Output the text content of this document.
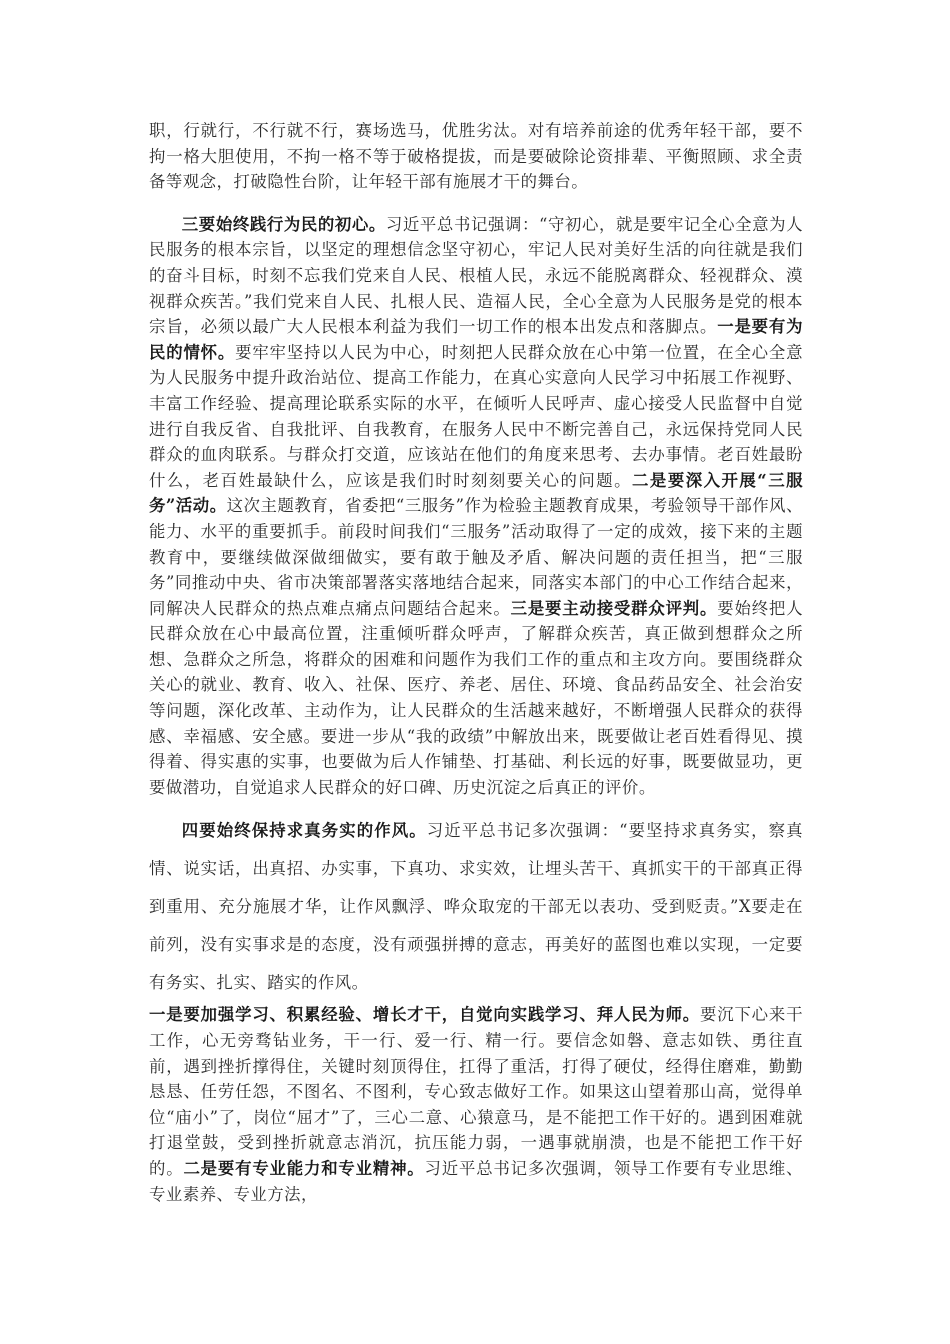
职，行就行，不行就不行，赛场选马，优胜劣汰。对有培养前途的优秀年轻干部，要不拘一格大胆使用，不拘一格不等于破格提拔，而是要破除论资排辈、平衡照顾、求全责备等观念，打破隐性台阶，让年轻干部有施展才干的舞台。

三要始终践行为民的初心。习近平总书记强调：“守初心，就是要牢记全心全意为人民服务的根本宗旨，以坚定的理想信念坚守初心，牢记人民对美好生活的向往就是我们的奋斗目标，时刻不忘我们党来自人民、根植人民，永远不能脱离群众、轻视群众、漠视群众疾苦。”我们党来自人民、扎根人民、造福人民，全心全意为人民服务是党的根本宗旨，必须以最广大人民根本利益为我们一切工作的根本出发点和落脚点。一是要有为民的情怀。要牢牢坚持以人民为中心，时刻把人民群众放在心中第一位置，在全心全意为人民服务中提升政治站位、提高工作能力，在真心实意向人民学习中拓展工作视野、丰富工作经验、提高理论联系实际的水平，在倾听人民呼声、虚心接受人民监督中自觉进行自我反省、自我批评、自我教育，在服务人民中不断完善自己，永远保持党同人民群众的血肉联系。与群众打交道，应该站在他们的角度来思考、去办事情。老百姓最盼什么，老百姓最缺什么，应该是我们时时刻刻要关心的问题。二是要深入开展“三服务”活动。这次主题教育，省委把“三服务”作为检验主题教育成果，考验领导干部作风、能力、水平的重要抓手。前段时间我们“三服务”活动取得了一定的成效，接下来的主题教育中，要继续做深做细做实，要有敢于触及矛盾、解决问题的责任担当，把“三服务”同推动中央、省市决策部署落实落地结合起来，同落实本部门的中心工作结合起来，同解决人民群众的热点难点痛点问题结合起来。三是要主动接受群众评判。要始终把人民群众放在心中最高位置，注重倾听群众呼声，了解群众疾苦，真正做到想群众之所想、急群众之所急，将群众的困难和问题作为我们工作的重点和主攻方向。要围绕群众关心的就业、教育、收入、社保、医疗、养老、居住、环境、食品药品安全、社会治安等问题，深化改革、主动作为，让人民群众的生活越来越好，不断增强人民群众的获得感、幸福感、安全感。要进一步从“我的政绩”中解放出来，既要做让老百姓看得见、摸得着、得实惠的实事，也要做为后人作铺垫、打基础、利长远的好事，既要做显功，更要做潜功，自觉追求人民群众的好口碑、历史沉淀之后真正的评价。

四要始终保持求真务实的作风。习近平总书记多次强调：“要坚持求真务实，察真情、说实话，出真招、办实事，下真功、求实效，让埋头苦干、真抓实干的干部真正得到重用、充分施展才华，让作风飘浮、哗众取宠的干部无以表功、受到贬责。”X要走在前列，没有实事求是的态度，没有顽强拼搏的意志，再美好的蓝图也难以实现，一定要有务实、扎实、踏实的作风。

一是要加强学习、积累经验、增长才干，自觉向实践学习、拜人民为师。要沉下心来干工作，心无旁骛钻业务，干一行、爱一行、精一行。要信念如磐、意志如铁、勇往直前，遇到挫折撑得住，关键时刻顶得住，扛得了重活，打得了硬仗，经得住磨难，勤勤恳恳、任劳任怨，不图名、不图利，专心致志做好工作。如果这山望着那山高，觉得单位“庙小”了，岗位“屈才”了，三心二意、心猿意马，是不能把工作干好的。遇到困难就打退堂鼓，受到挫折就意志消沉，抗压能力弱，一遇事就崩溃，也是不能把工作干好的。二是要有专业能力和专业精神。习近平总书记多次强调，领导工作要有专业思维、专业素养、专业方法，
